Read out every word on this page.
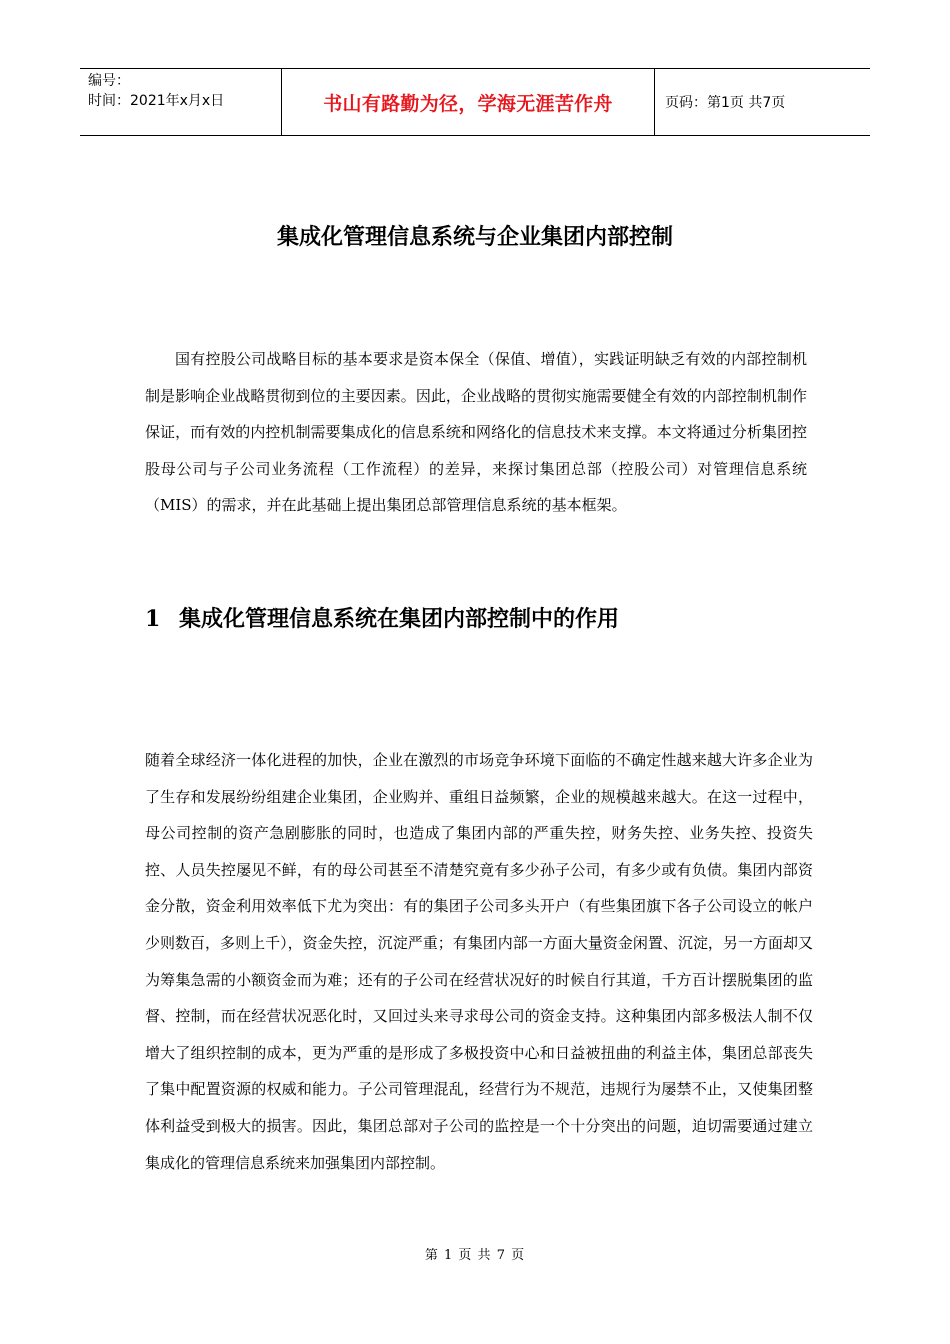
编号：
时间：2021年x月x日	书山有路勤为径，学海无涯苦作舟	页码：第1页 共7页
集成化管理信息系统与企业集团内部控制

国有控股公司战略目标的基本要求是资本保全（保值、增值），实践证明缺乏有效的内部控制机制是影响企业战略贯彻到位的主要因素。因此，企业战略的贯彻实施需要健全有效的内部控制机制作保证，而有效的内控机制需要集成化的信息系统和网络化的信息技术来支撑。本文将通过分析集团控股母公司与子公司业务流程（工作流程）的差异，来探讨集团总部（控股公司）对管理信息系统（MIS）的需求，并在此基础上提出集团总部管理信息系统的基本框架。

1 集成化管理信息系统在集团内部控制中的作用

随着全球经济一体化进程的加快，企业在激烈的市场竞争环境下面临的不确定性越来越大许多企业为了生存和发展纷纷组建企业集团，企业购并、重组日益频繁，企业的规模越来越大。在这一过程中，母公司控制的资产急剧膨胀的同时，也造成了集团内部的严重失控，财务失控、业务失控、投资失控、人员失控屡见不鲜，有的母公司甚至不清楚究竟有多少孙子公司，有多少或有负债。集团内部资金分散，资金利用效率低下尤为突出：有的集团子公司多头开户（有些集团旗下各子公司设立的帐户少则数百，多则上千），资金失控，沉淀严重；有集团内部一方面大量资金闲置、沉淀，另一方面却又为筹集急需的小额资金而为难；还有的子公司在经营状况好的时候自行其道，千方百计摆脱集团的监督、控制，而在经营状况恶化时，又回过头来寻求母公司的资金支持。这种集团内部多极法人制不仅增大了组织控制的成本，更为严重的是形成了多极投资中心和日益被扭曲的利益主体，集团总部丧失了集中配置资源的权威和能力。子公司管理混乱，经营行为不规范，违规行为屡禁不止，又使集团整体利益受到极大的损害。因此，集团总部对子公司的监控是一个十分突出的问题，迫切需要通过建立集成化的管理信息系统来加强集团内部控制。

第 1 页 共 7 页
